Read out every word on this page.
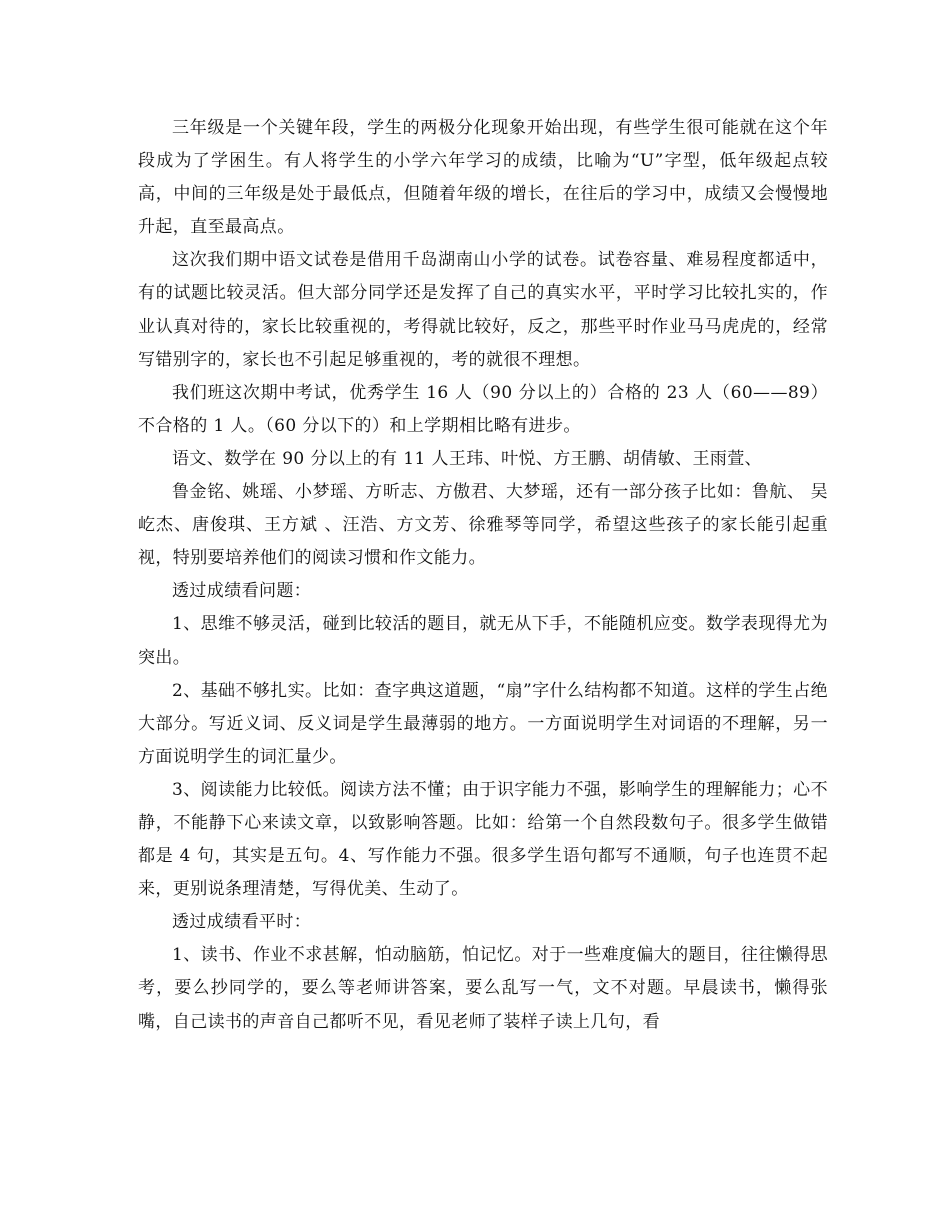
三年级是一个关键年段，学生的两极分化现象开始出现，有些学生很可能就在这个年段成为了学困生。有人将学生的小学六年学习的成绩，比喻为“U”字型，低年级起点较高，中间的三年级是处于最低点，但随着年级的增长，在往后的学习中，成绩又会慢慢地升起，直至最高点。

这次我们期中语文试卷是借用千岛湖南山小学的试卷。试卷容量、难易程度都适中，有的试题比较灵活。但大部分同学还是发挥了自己的真实水平，平时学习比较扎实的，作业认真对待的，家长比较重视的，考得就比较好，反之，那些平时作业马马虎虎的，经常写错别字的，家长也不引起足够重视的，考的就很不理想。

我们班这次期中考试，优秀学生 16 人（90 分以上的）合格的 23 人（60——89）不合格的 1 人。（60 分以下的）和上学期相比略有进步。

语文、数学在 90 分以上的有 11 人王玮、叶悦、方王鹏、胡倩敏、王雨萱、

鲁金铭、姚瑶、小梦瑶、方昕志、方傲君、大梦瑶，还有一部分孩子比如：鲁航、 吴屹杰、唐俊琪、王方斌 、汪浩、方文芳、徐雅琴等同学，希望这些孩子的家长能引起重视，特别要培养他们的阅读习惯和作文能力。

透过成绩看问题：

1、思维不够灵活，碰到比较活的题目，就无从下手，不能随机应变。数学表现得尤为突出。

2、基础不够扎实。比如：查字典这道题，“扇”字什么结构都不知道。这样的学生占绝大部分。写近义词、反义词是学生最薄弱的地方。一方面说明学生对词语的不理解，另一方面说明学生的词汇量少。

3、阅读能力比较低。阅读方法不懂；由于识字能力不强，影响学生的理解能力；心不静，不能静下心来读文章，以致影响答题。比如：给第一个自然段数句子。很多学生做错都是 4 句，其实是五句。4、写作能力不强。很多学生语句都写不通顺，句子也连贯不起来，更别说条理清楚，写得优美、生动了。

透过成绩看平时：

1、读书、作业不求甚解，怕动脑筋，怕记忆。对于一些难度偏大的题目，往往懒得思考，要么抄同学的，要么等老师讲答案，要么乱写一气，文不对题。早晨读书，懒得张嘴，自己读书的声音自己都听不见，看见老师了装样子读上几句，看
